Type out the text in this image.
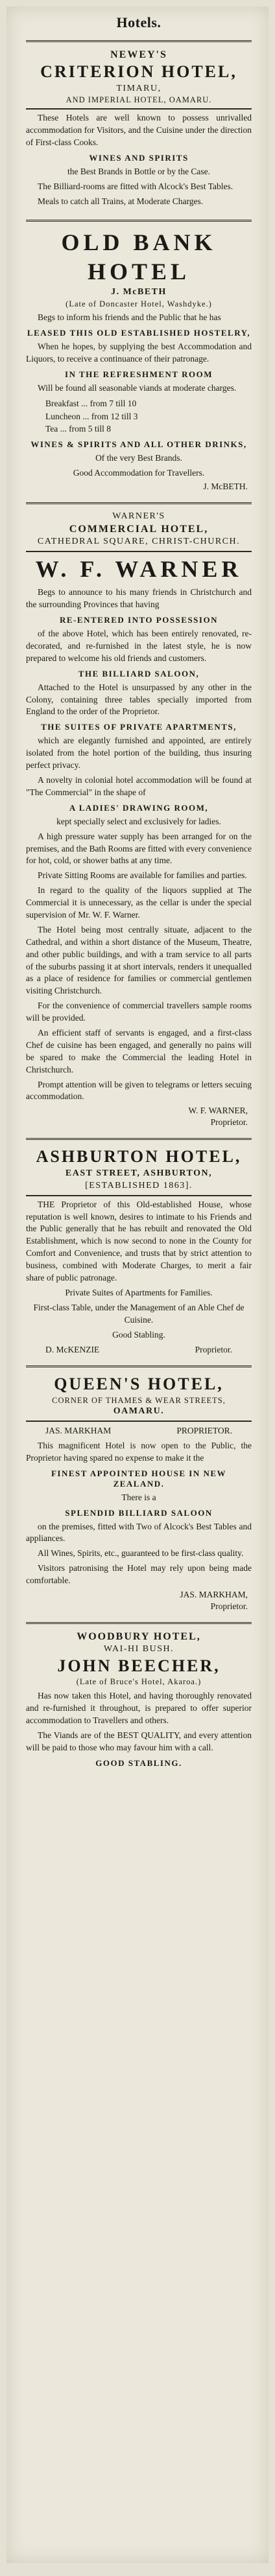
Hotels.
NEWEY'S
CRITERION HOTEL,
TIMARU,
AND IMPERIAL HOTEL, OAMARU.
These Hotels are well known to possess unrivalled accommodation for Visitors, and the Cuisine under the direction of First-class Cooks.
WINES AND SPIRITS
the Best Brands in Bottle or by the Case.
The Billiard-rooms are fitted with Alcock's Best Tables.
Meals to catch all Trains, at Moderate Charges.
OLD BANK HOTEL
J. McBETH
(Late of Doncaster Hotel, Washdyke.)
Begs to inform his friends and the Public that he has
LEASED THIS OLD ESTABLISHED HOSTELRY,
When he hopes, by supplying the best Accommodation and Liquors, to receive a continuance of their patronage.
IN THE REFRESHMENT ROOM
Will be found all seasonable viands at moderate charges.
Breakfast ... from 7 till 10
Luncheon ... from 12 till 3
Tea ... from 5 till 8
WINES & SPIRITS AND ALL OTHER DRINKS,
Of the very Best Brands.
Good Accommodation for Travellers.
J. McBETH.
WARNER'S
COMMERCIAL HOTEL,
CATHEDRAL SQUARE, CHRIST-CHURCH.
W. F. WARNER
Begs to announce to his many friends in Christchurch and the surrounding Provinces that having
RE-ENTERED INTO POSSESSION
of the above Hotel, which has been entirely renovated, re-decorated, and re-furnished in the latest style, he is now prepared to welcome his old friends and customers.
THE BILLIARD SALOON,
Attached to the Hotel is unsurpassed by any other in the Colony, containing three tables specially imported from England to the order of the Proprietor.
THE SUITES OF PRIVATE APARTMENTS,
which are elegantly furnished and appointed, are entirely isolated from the hotel portion of the building, thus insuring perfect privacy.
A novelty in colonial hotel accommodation will be found at "The Commercial" in the shape of
A LADIES' DRAWING ROOM,
kept specially select and exclusively for ladies.
A high pressure water supply has been arranged for on the premises, and the Bath Rooms are fitted with every convenience for hot, cold, or shower baths at any time.
Private Sitting Rooms are available for families and parties.
In regard to the quality of the liquors supplied at The Commercial it is unnecessary, as the cellar is under the special supervision of Mr. W. F. Warner.
The Hotel being most centrally situate, adjacent to the Cathedral, and within a short distance of the Museum, Theatre, and other public buildings, and with a tram service to all parts of the suburbs passing it at short intervals, renders it unequalled as a place of residence for families or commercial gentlemen visiting Christchurch.
For the convenience of commercial travellers sample rooms will be provided.
An efficient staff of servants is engaged, and a first-class Chef de cuisine has been engaged, and generally no pains will be spared to make the Commercial the leading Hotel in Christchurch.
Prompt attention will be given to telegrams or letters secuing accommodation.
W. F. WARNER,
Proprietor.
ASHBURTON HOTEL,
EAST STREET, ASHBURTON,
[ESTABLISHED 1863].
THE Proprietor of this Old-established House, whose reputation is well known, desires to intimate to his Friends and the Public generally that he has rebuilt and renovated the Old Establishment, which is now second to none in the County for Comfort and Convenience, and trusts that by strict attention to business, combined with Moderate Charges, to merit a fair share of public patronage.
Private Suites of Apartments for Families.
First-class Table, under the Management of an Able Chef de Cuisine.
Good Stabling.
D. McKENZIE	Proprietor.
QUEEN'S HOTEL,
CORNER OF THAMES & WEAR STREETS,
OAMARU.
JAS. MARKHAM	PROPRIETOR.
This magnificent Hotel is now open to the Public, the Proprietor having spared no expense to make it the
FINEST APPOINTED HOUSE IN NEW ZEALAND.
There is a
SPLENDID BILLIARD SALOON
on the premises, fitted with Two of Alcock's Best Tables and appliances.
All Wines, Spirits, etc., guaranteed to be first-class quality.
Visitors patronising the Hotel may rely upon being made comfortable.
JAS. MARKHAM,
Proprietor.
WOODBURY HOTEL,
WAI-HI BUSH.
JOHN BEECHER,
(Late of Bruce's Hotel, Akaroa.)
Has now taken this Hotel, and having thoroughly renovated and re-furnished it throughout, is prepared to offer superior accommodation to Travellers and others.
The Viands are of the BEST QUALITY, and every attention will be paid to those who may favour him with a call.
GOOD STABLING.
